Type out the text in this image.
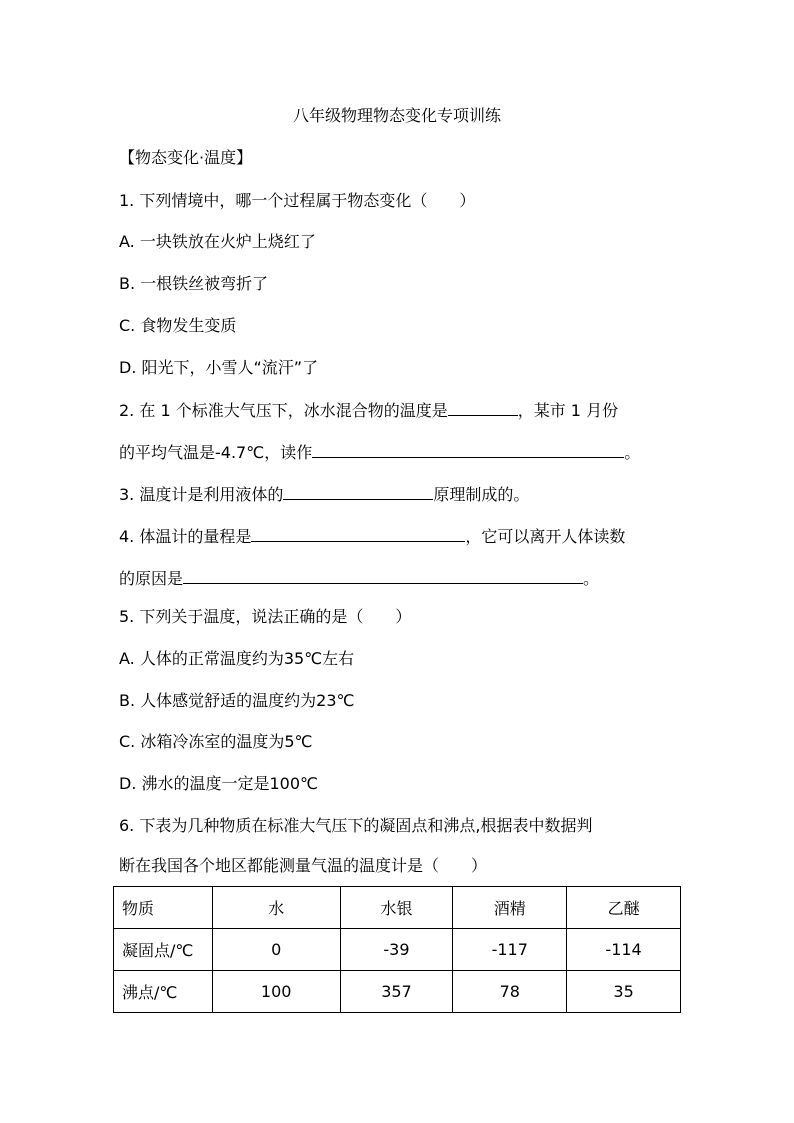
八年级物理物态变化专项训练
【物态变化·温度】
1. 下列情境中，哪一个过程属于物态变化（　　）
A. 一块铁放在火炉上烧红了
B. 一根铁丝被弯折了
C. 食物发生变质
D. 阳光下，小雪人“流汗”了
2. 在 1 个标准大气压下，冰水混合物的温度是	，某市 1 月份
的平均气温是-4.7℃，读作	。
3. 温度计是利用液体的	原理制成的。
4. 体温计的量程是	，它可以离开人体读数
的原因是	。
5. 下列关于温度，说法正确的是（　　）
A. 人体的正常温度约为35℃左右
B. 人体感觉舒适的温度约为23℃
C. 冰箱冷冻室的温度为5℃
D. 沸水的温度一定是100℃
6. 下表为几种物质在标准大气压下的凝固点和沸点,根据表中数据判
断在我国各个地区都能测量气温的温度计是（　　）
物质	水	水银	酒精	乙醚
凝固点/℃	0	-39	-117	-114
沸点/℃	100	357	78	35
